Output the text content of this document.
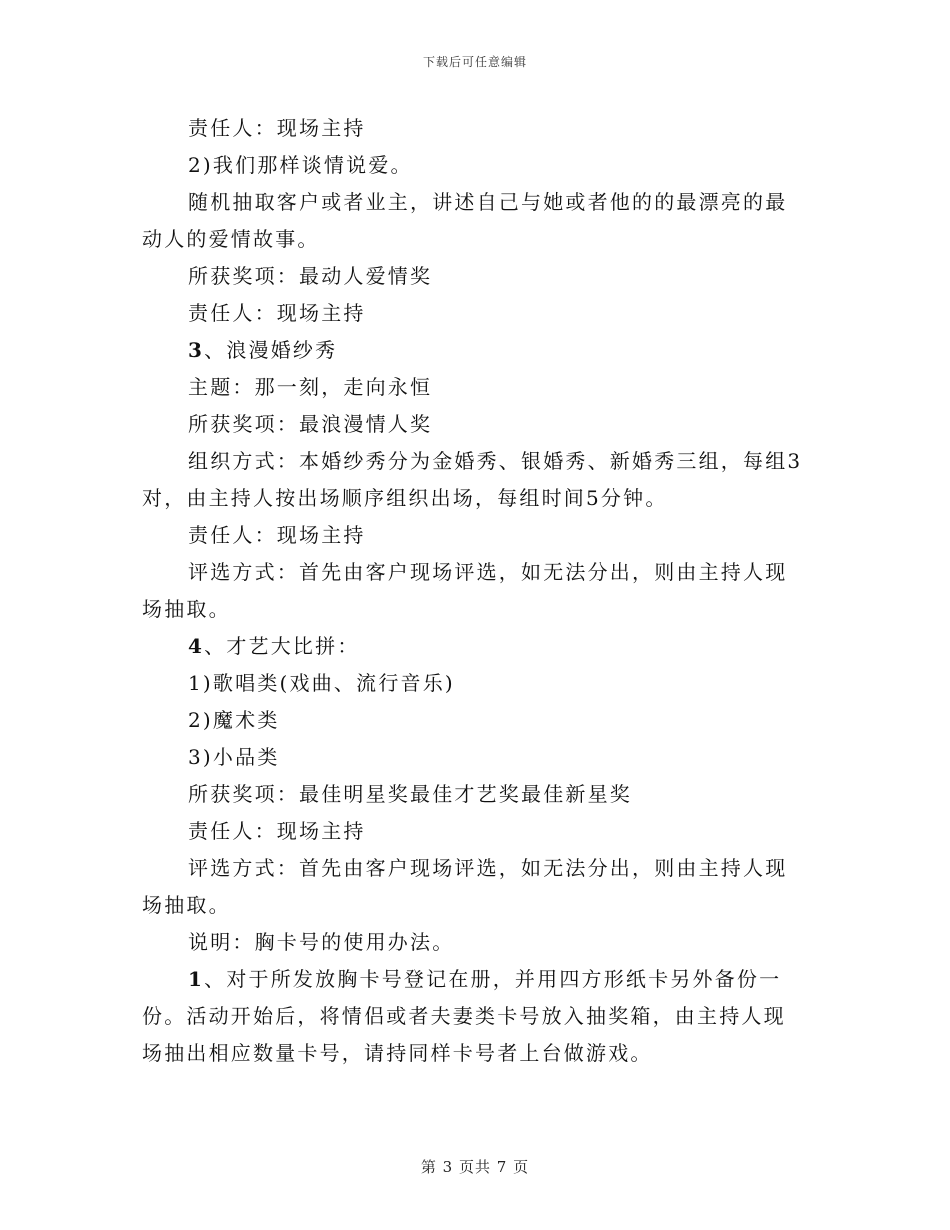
下载后可任意编辑

责任人：现场主持

2)我们那样谈情说爱。

随机抽取客户或者业主，讲述自己与她或者他的的最漂亮的最动人的爱情故事。

所获奖项：最动人爱情奖

责任人：现场主持

3、浪漫婚纱秀

主题：那一刻，走向永恒

所获奖项：最浪漫情人奖

组织方式：本婚纱秀分为金婚秀、银婚秀、新婚秀三组，每组3对，由主持人按出场顺序组织出场，每组时间5分钟。

责任人：现场主持

评选方式：首先由客户现场评选，如无法分出，则由主持人现场抽取。

4、才艺大比拼：

1)歌唱类(戏曲、流行音乐)

2)魔术类

3)小品类

所获奖项：最佳明星奖最佳才艺奖最佳新星奖

责任人：现场主持

评选方式：首先由客户现场评选，如无法分出，则由主持人现场抽取。

说明：胸卡号的使用办法。

1、对于所发放胸卡号登记在册，并用四方形纸卡另外备份一份。活动开始后，将情侣或者夫妻类卡号放入抽奖箱，由主持人现场抽出相应数量卡号，请持同样卡号者上台做游戏。

第 3 页共 7 页
